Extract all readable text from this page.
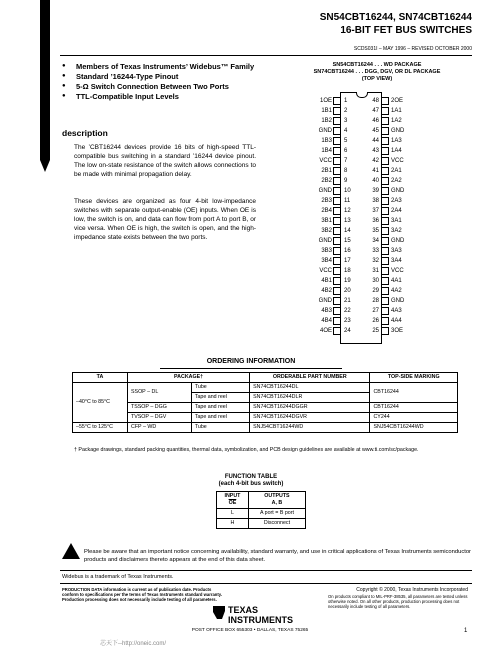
SN54CBT16244, SN74CBT16244
16-BIT FET BUS SWITCHES
SCDS031I – MAY 1996 – REVISED OCTOBER 2000
● Members of Texas Instruments’ Widebus™ Family
● Standard ’16244-Type Pinout
● 5-Ω Switch Connection Between Two Ports
● TTL-Compatible Input Levels
description
The ’CBT16244 devices provide 16 bits of high-speed TTL-compatible bus switching in a standard ’16244 device pinout. The low on-state resistance of the switch allows connections to be made with minimal propagation delay.
These devices are organized as four 4-bit low-impedance switches with separate output-enable (OE) inputs. When OE is low, the switch is on, and data can flow from port A to port B, or vice versa. When OE is high, the switch is open, and the high-impedance state exists between the two ports.
SN54CBT16244 . . . WD PACKAGE
SN74CBT16244 . . . DGG, DGV, OR DL PACKAGE
(TOP VIEW)
1OE 1	48 2OE
1B1 2	47 1A1
1B2 3	46 1A2
GND 4	45 GND
1B3 5	44 1A3
1B4 6	43 1A4
VCC 7	42 VCC
2B1 8	41 2A1
2B2 9	40 2A2
GND 10	39 GND
2B3 11	38 2A3
2B4 12	37 2A4
3B1 13	36 3A1
3B2 14	35 3A2
GND 15	34 GND
3B3 16	33 3A3
3B4 17	32 3A4
VCC 18	31 VCC
4B1 19	30 4A1
4B2 20	29 4A2
GND 21	28 GND
4B3 22	27 4A3
4B4 23	26 4A4
4OE 24	25 3OE
ORDERING INFORMATION
TA	PACKAGE†		ORDERABLE PART NUMBER	TOP-SIDE MARKING
–40°C to 85°C	SSOP – DL	Tube	SN74CBT16244DL	CBT16244
		Tape and reel	SN74CBT16244DLR	
	TSSOP – DGG	Tape and reel	SN74CBT16244DGGR	CBT16244
	TVSOP – DGV	Tape and reel	SN74CBT16244DGVR	CY244
–55°C to 125°C	CFP – WD	Tube	SNJ54CBT16244WD	SNJ54CBT16244WD
† Package drawings, standard packing quantities, thermal data, symbolization, and PCB design guidelines are available at www.ti.com/sc/package.
FUNCTION TABLE
(each 4-bit bus switch)
INPUT
$\overline{OE}$	OUTPUTS
A, B
L	A port = B port
H	Disconnect
Please be aware that an important notice concerning availability, standard warranty, and use in critical applications of Texas Instruments semiconductor products and disclaimers thereto appears at the end of this data sheet.
Widebus is a trademark of Texas Instruments.
PRODUCTION DATA information is current as of publication date. Products conform to specifications per the terms of Texas Instruments standard warranty. Production processing does not necessarily include testing of all parameters.
Copyright © 2000, Texas Instruments Incorporated
On products compliant to MIL-PRF-38535, all parameters are tested unless otherwise noted. On all other products, production processing does not necessarily include testing of all parameters.
TEXAS
INSTRUMENTS
POST OFFICE BOX 655303 • DALLAS, TEXAS 75265	1
芯天下--http://oneic.com/
